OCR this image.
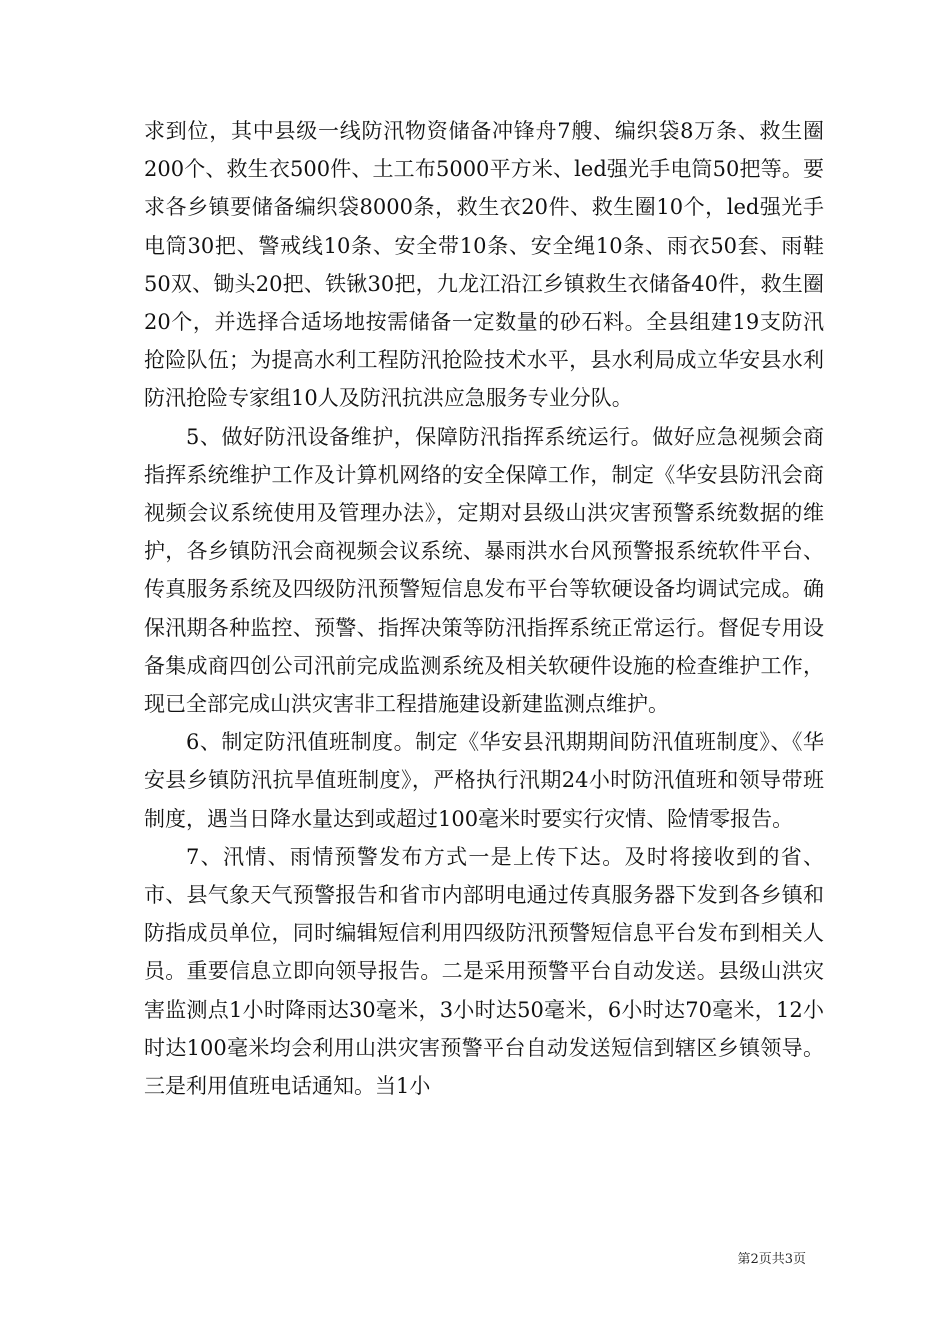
求到位，其中县级一线防汛物资储备冲锋舟7艘、编织袋8万条、救生圈200个、救生衣500件、土工布5000平方米、led强光手电筒50把等。要求各乡镇要储备编织袋8000条，救生衣20件、救生圈10个，led强光手电筒30把、警戒线10条、安全带10条、安全绳10条、雨衣50套、雨鞋50双、锄头20把、铁锹30把，九龙江沿江乡镇救生衣储备40件，救生圈20个，并选择合适场地按需储备一定数量的砂石料。全县组建19支防汛抢险队伍；为提高水利工程防汛抢险技术水平，县水利局成立华安县水利防汛抢险专家组10人及防汛抗洪应急服务专业分队。

5、做好防汛设备维护，保障防汛指挥系统运行。做好应急视频会商指挥系统维护工作及计算机网络的安全保障工作，制定《华安县防汛会商视频会议系统使用及管理办法》，定期对县级山洪灾害预警系统数据的维护，各乡镇防汛会商视频会议系统、暴雨洪水台风预警报系统软件平台、传真服务系统及四级防汛预警短信息发布平台等软硬设备均调试完成。确保汛期各种监控、预警、指挥决策等防汛指挥系统正常运行。督促专用设备集成商四创公司汛前完成监测系统及相关软硬件设施的检查维护工作，现已全部完成山洪灾害非工程措施建设新建监测点维护。

6、制定防汛值班制度。制定《华安县汛期期间防汛值班制度》、《华安县乡镇防汛抗旱值班制度》，严格执行汛期24小时防汛值班和领导带班制度，遇当日降水量达到或超过100毫米时要实行灾情、险情零报告。

7、汛情、雨情预警发布方式一是上传下达。及时将接收到的省、市、县气象天气预警报告和省市内部明电通过传真服务器下发到各乡镇和防指成员单位，同时编辑短信利用四级防汛预警短信息平台发布到相关人员。重要信息立即向领导报告。二是采用预警平台自动发送。县级山洪灾害监测点1小时降雨达30毫米，3小时达50毫米，6小时达70毫米，12小时达100毫米均会利用山洪灾害预警平台自动发送短信到辖区乡镇领导。三是利用值班电话通知。当1小

第2页共3页
